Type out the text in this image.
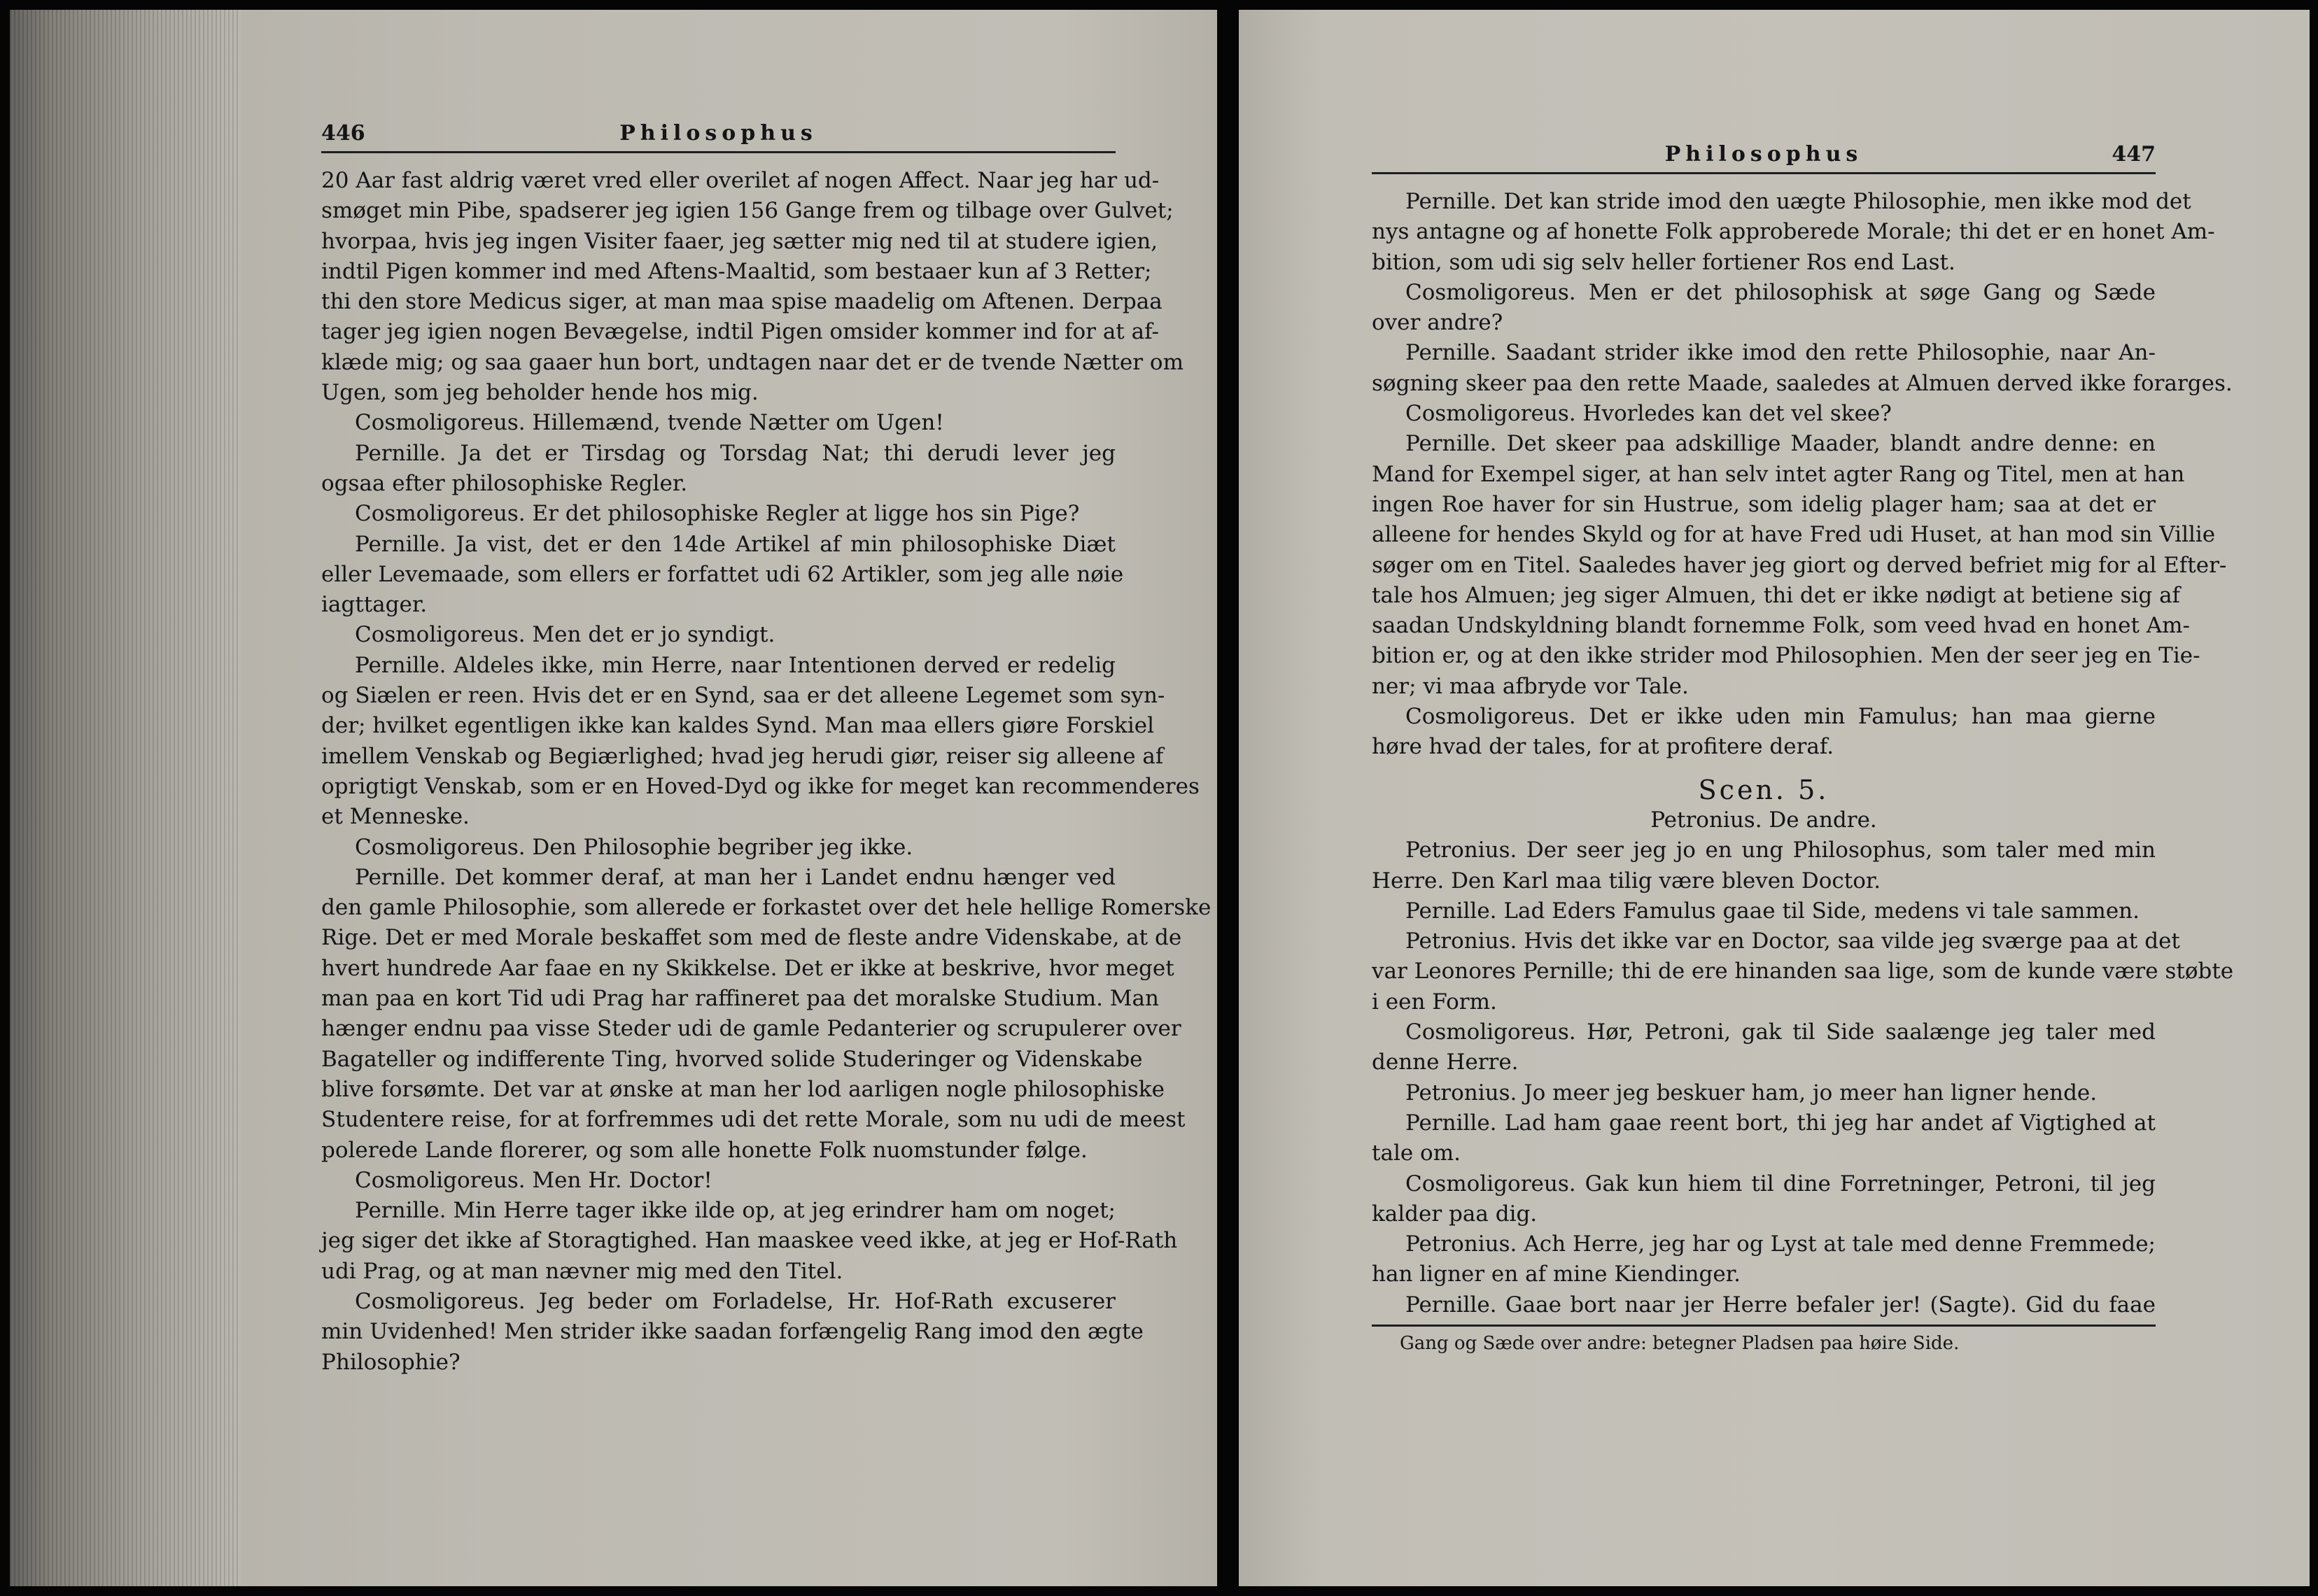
446	Philosophus
20 Aar fast aldrig været vred eller overilet af nogen Affect. Naar jeg har ud-
smøget min Pibe, spadserer jeg igien 156 Gange frem og tilbage over Gulvet;
hvorpaa, hvis jeg ingen Visiter faaer, jeg sætter mig ned til at studere igien,
indtil Pigen kommer ind med Aftens-Maaltid, som bestaaer kun af 3 Retter;
thi den store Medicus siger, at man maa spise maadelig om Aftenen. Derpaa
tager jeg igien nogen Bevægelse, indtil Pigen omsider kommer ind for at af-
klæde mig; og saa gaaer hun bort, undtagen naar det er de tvende Nætter om
Ugen, som jeg beholder hende hos mig.
Cosmoligoreus. Hillemænd, tvende Nætter om Ugen!
Pernille. Ja det er Tirsdag og Torsdag Nat; thi derudi lever jeg
ogsaa efter philosophiske Regler.
Cosmoligoreus. Er det philosophiske Regler at ligge hos sin Pige?
Pernille. Ja vist, det er den 14de Artikel af min philosophiske Diæt
eller Levemaade, som ellers er forfattet udi 62 Artikler, som jeg alle nøie
iagttager.
Cosmoligoreus. Men det er jo syndigt.
Pernille. Aldeles ikke, min Herre, naar Intentionen derved er redelig
og Siælen er reen. Hvis det er en Synd, saa er det alleene Legemet som syn-
der; hvilket egentligen ikke kan kaldes Synd. Man maa ellers giøre Forskiel
imellem Venskab og Begiærlighed; hvad jeg herudi giør, reiser sig alleene af
oprigtigt Venskab, som er en Hoved-Dyd og ikke for meget kan recommenderes
et Menneske.
Cosmoligoreus. Den Philosophie begriber jeg ikke.
Pernille. Det kommer deraf, at man her i Landet endnu hænger ved
den gamle Philosophie, som allerede er forkastet over det hele hellige Romerske
Rige. Det er med Morale beskaffet som med de fleste andre Videnskabe, at de
hvert hundrede Aar faae en ny Skikkelse. Det er ikke at beskrive, hvor meget
man paa en kort Tid udi Prag har raffineret paa det moralske Studium. Man
hænger endnu paa visse Steder udi de gamle Pedanterier og scrupulerer over
Bagateller og indifferente Ting, hvorved solide Studeringer og Videnskabe
blive forsømte. Det var at ønske at man her lod aarligen nogle philosophiske
Studentere reise, for at forfremmes udi det rette Morale, som nu udi de meest
polerede Lande florerer, og som alle honette Folk nuomstunder følge.
Cosmoligoreus. Men Hr. Doctor!
Pernille. Min Herre tager ikke ilde op, at jeg erindrer ham om noget;
jeg siger det ikke af Storagtighed. Han maaskee veed ikke, at jeg er Hof-Rath
udi Prag, og at man nævner mig med den Titel.
Cosmoligoreus. Jeg beder om Forladelse, Hr. Hof-Rath excuserer
min Uvidenhed! Men strider ikke saadan forfængelig Rang imod den ægte
Philosophie?
Philosophus	447
Pernille. Det kan stride imod den uægte Philosophie, men ikke mod det
nys antagne og af honette Folk approberede Morale; thi det er en honet Am-
bition, som udi sig selv heller fortiener Ros end Last.
Cosmoligoreus. Men er det philosophisk at søge Gang og Sæde
over andre?
Pernille. Saadant strider ikke imod den rette Philosophie, naar An-
søgning skeer paa den rette Maade, saaledes at Almuen derved ikke forarges.
Cosmoligoreus. Hvorledes kan det vel skee?
Pernille. Det skeer paa adskillige Maader, blandt andre denne: en
Mand for Exempel siger, at han selv intet agter Rang og Titel, men at han
ingen Roe haver for sin Hustrue, som idelig plager ham; saa at det er
alleene for hendes Skyld og for at have Fred udi Huset, at han mod sin Villie
søger om en Titel. Saaledes haver jeg giort og derved befriet mig for al Efter-
tale hos Almuen; jeg siger Almuen, thi det er ikke nødigt at betiene sig af
saadan Undskyldning blandt fornemme Folk, som veed hvad en honet Am-
bition er, og at den ikke strider mod Philosophien. Men der seer jeg en Tie-
ner; vi maa afbryde vor Tale.
Cosmoligoreus. Det er ikke uden min Famulus; han maa gierne
høre hvad der tales, for at profitere deraf.
Scen. 5.
Petronius. De andre.
Petronius. Der seer jeg jo en ung Philosophus, som taler med min
Herre. Den Karl maa tilig være bleven Doctor.
Pernille. Lad Eders Famulus gaae til Side, medens vi tale sammen.
Petronius. Hvis det ikke var en Doctor, saa vilde jeg sværge paa at det
var Leonores Pernille; thi de ere hinanden saa lige, som de kunde være støbte
i een Form.
Cosmoligoreus. Hør, Petroni, gak til Side saalænge jeg taler med
denne Herre.
Petronius. Jo meer jeg beskuer ham, jo meer han ligner hende.
Pernille. Lad ham gaae reent bort, thi jeg har andet af Vigtighed at
tale om.
Cosmoligoreus. Gak kun hiem til dine Forretninger, Petroni, til jeg
kalder paa dig.
Petronius. Ach Herre, jeg har og Lyst at tale med denne Fremmede;
han ligner en af mine Kiendinger.
Pernille. Gaae bort naar jer Herre befaler jer! (Sagte). Gid du faae
Gang og Sæde over andre: betegner Pladsen paa høire Side.
